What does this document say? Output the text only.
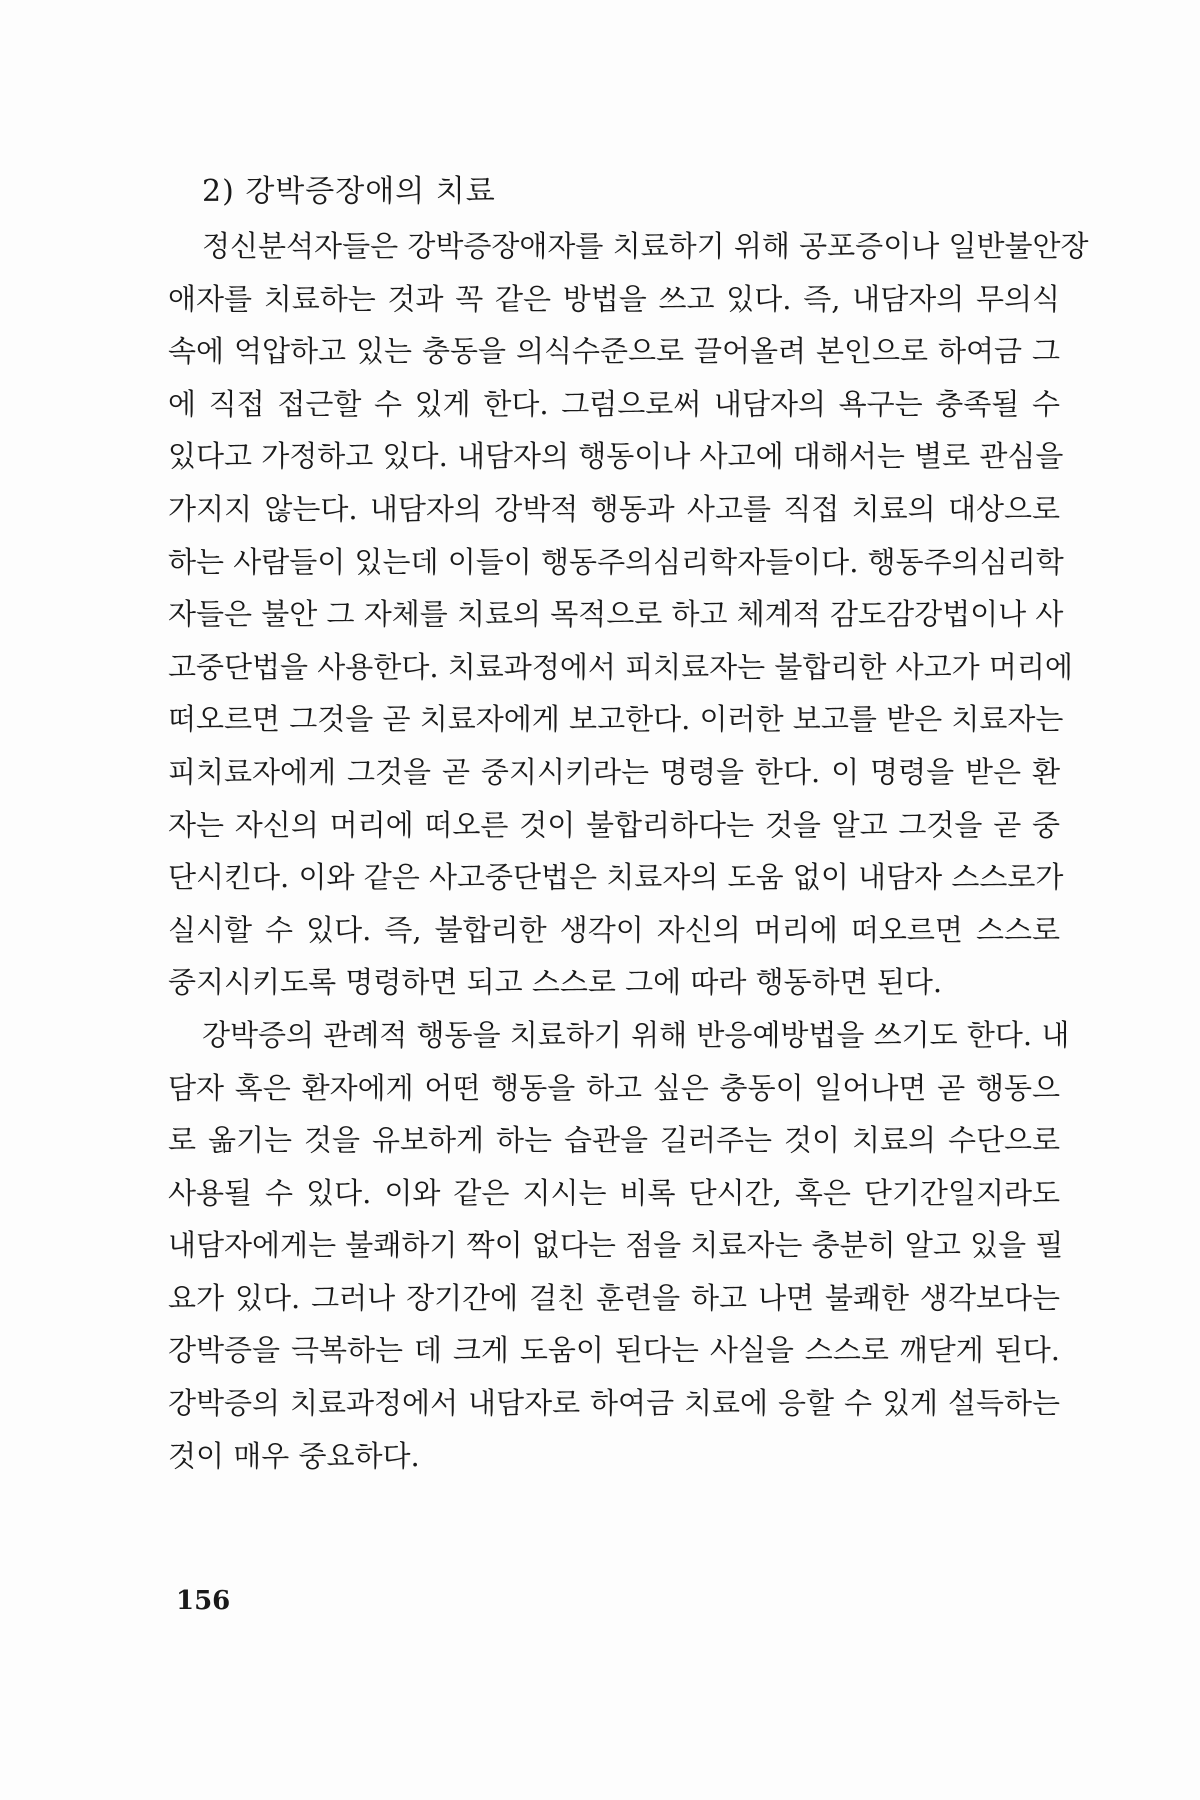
2) 강박증장애의 치료
정신분석자들은 강박증장애자를 치료하기 위해 공포증이나 일반불안장
애자를 치료하는 것과 꼭 같은 방법을 쓰고 있다. 즉, 내담자의 무의식
속에 억압하고 있는 충동을 의식수준으로 끌어올려 본인으로 하여금 그
에 직접 접근할 수 있게 한다. 그럼으로써 내담자의 욕구는 충족될 수
있다고 가정하고 있다. 내담자의 행동이나 사고에 대해서는 별로 관심을
가지지 않는다. 내담자의 강박적 행동과 사고를 직접 치료의 대상으로
하는 사람들이 있는데 이들이 행동주의심리학자들이다. 행동주의심리학
자들은 불안 그 자체를 치료의 목적으로 하고 체계적 감도감강법이나 사
고중단법을 사용한다. 치료과정에서 피치료자는 불합리한 사고가 머리에
떠오르면 그것을 곧 치료자에게 보고한다. 이러한 보고를 받은 치료자는
피치료자에게 그것을 곧 중지시키라는 명령을 한다. 이 명령을 받은 환
자는 자신의 머리에 떠오른 것이 불합리하다는 것을 알고 그것을 곧 중
단시킨다. 이와 같은 사고중단법은 치료자의 도움 없이 내담자 스스로가
실시할 수 있다. 즉, 불합리한 생각이 자신의 머리에 떠오르면 스스로
중지시키도록 명령하면 되고 스스로 그에 따라 행동하면 된다.
강박증의 관례적 행동을 치료하기 위해 반응예방법을 쓰기도 한다. 내
담자 혹은 환자에게 어떤 행동을 하고 싶은 충동이 일어나면 곧 행동으
로 옮기는 것을 유보하게 하는 습관을 길러주는 것이 치료의 수단으로
사용될 수 있다. 이와 같은 지시는 비록 단시간, 혹은 단기간일지라도
내담자에게는 불쾌하기 짝이 없다는 점을 치료자는 충분히 알고 있을 필
요가 있다. 그러나 장기간에 걸친 훈련을 하고 나면 불쾌한 생각보다는
강박증을 극복하는 데 크게 도움이 된다는 사실을 스스로 깨닫게 된다.
강박증의 치료과정에서 내담자로 하여금 치료에 응할 수 있게 설득하는
것이 매우 중요하다.
156
